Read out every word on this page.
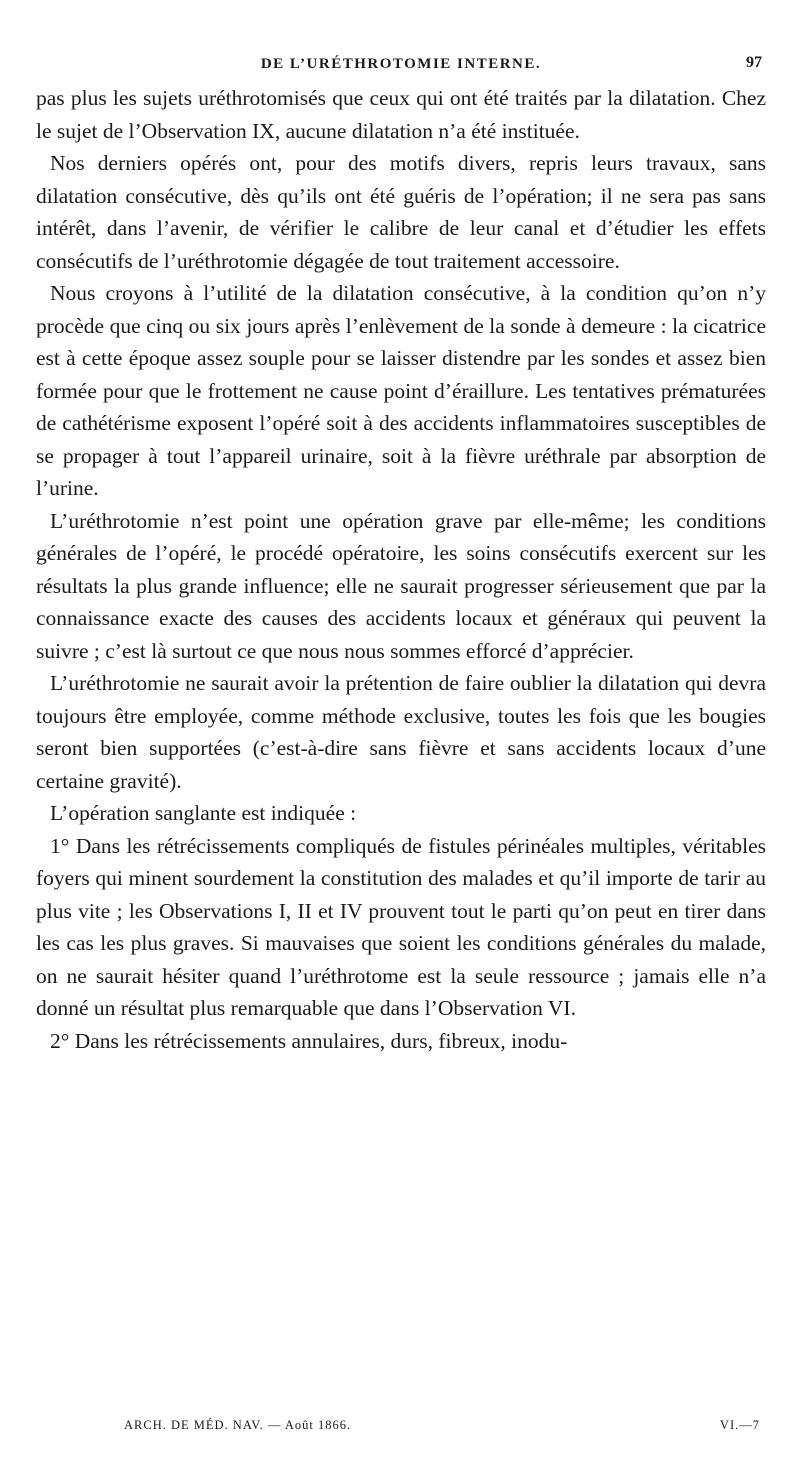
DE L’URÉTHROTOMIE INTERNE.	97

pas plus les sujets uréthrotomisés que ceux qui ont été traités par la dilatation. Chez le sujet de l’Observation IX, aucune dilatation n’a été instituée.

Nos derniers opérés ont, pour des motifs divers, repris leurs travaux, sans dilatation consécutive, dès qu’ils ont été guéris de l’opération; il ne sera pas sans intérêt, dans l’avenir, de vérifier le calibre de leur canal et d’étudier les effets consécutifs de l’uréthrotomie dégagée de tout traitement accessoire.

Nous croyons à l’utilité de la dilatation consécutive, à la condition qu’on n’y procède que cinq ou six jours après l’enlèvement de la sonde à demeure : la cicatrice est à cette époque assez souple pour se laisser distendre par les sondes et assez bien formée pour que le frottement ne cause point d’éraillure. Les tentatives prématurées de cathétérisme exposent l’opéré soit à des accidents inflammatoires susceptibles de se propager à tout l’appareil urinaire, soit à la fièvre uréthrale par absorption de l’urine.

L’uréthrotomie n’est point une opération grave par elle-même; les conditions générales de l’opéré, le procédé opératoire, les soins consécutifs exercent sur les résultats la plus grande influence; elle ne saurait progresser sérieusement que par la connaissance exacte des causes des accidents locaux et généraux qui peuvent la suivre ; c’est là surtout ce que nous nous sommes efforcé d’apprécier.

L’uréthrotomie ne saurait avoir la prétention de faire oublier la dilatation qui devra toujours être employée, comme méthode exclusive, toutes les fois que les bougies seront bien supportées (c’est-à-dire sans fièvre et sans accidents locaux d’une certaine gravité).

L’opération sanglante est indiquée :

1° Dans les rétrécissements compliqués de fistules périnéales multiples, véritables foyers qui minent sourdement la constitution des malades et qu’il importe de tarir au plus vite ; les Observations I, II et IV prouvent tout le parti qu’on peut en tirer dans les cas les plus graves. Si mauvaises que soient les conditions générales du malade, on ne saurait hésiter quand l’uréthrotome est la seule ressource ; jamais elle n’a donné un résultat plus remarquable que dans l’Observation VI.

2° Dans les rétrécissements annulaires, durs, fibreux, inodu-

ARCH. DE MÉD. NAV. — Août 1866.	VI.—7
